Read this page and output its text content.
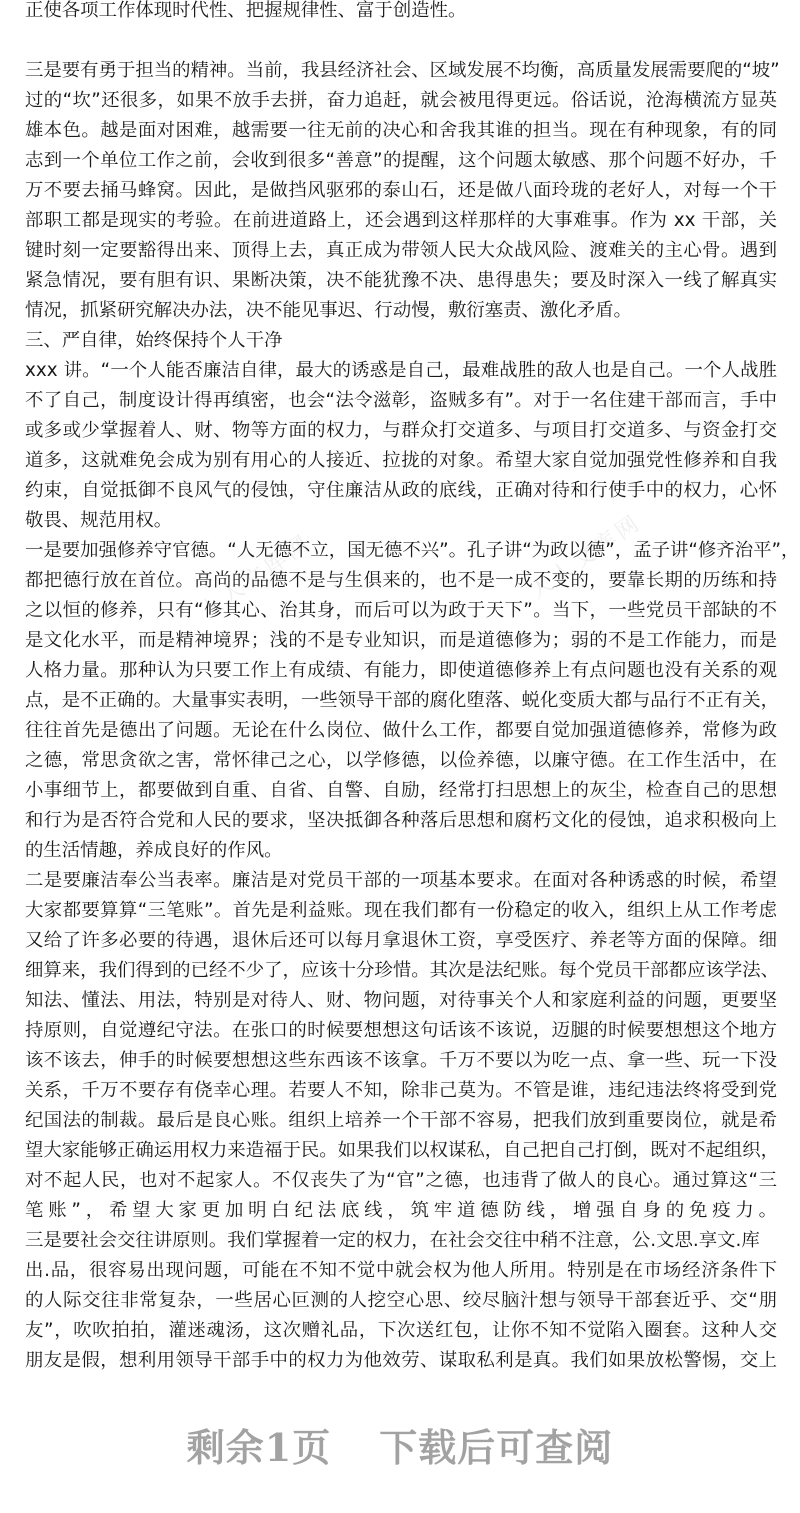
人人文库网	人人文库网
正使各项工作体现时代性、把握规律性、富于创造性。
三是要有勇于担当的精神。当前，我县经济社会、区域发展不均衡，高质量发展需要爬的“坡”
过的“坎”还很多，如果不放手去拼，奋力追赶，就会被甩得更远。俗话说，沧海横流方显英
雄本色。越是面对困难，越需要一往无前的决心和舍我其谁的担当。现在有种现象，有的同
志到一个单位工作之前，会收到很多“善意”的提醒，这个问题太敏感、那个问题不好办，千
万不要去捅马蜂窝。因此，是做挡风驱邪的泰山石，还是做八面玲珑的老好人，对每一个干
部职工都是现实的考验。在前进道路上，还会遇到这样那样的大事难事。作为 xx 干部，关
键时刻一定要豁得出来、顶得上去，真正成为带领人民大众战风险、渡难关的主心骨。遇到
紧急情况，要有胆有识、果断决策，决不能犹豫不决、患得患失；要及时深入一线了解真实
情况，抓紧研究解决办法，决不能见事迟、行动慢，敷衍塞责、激化矛盾。
三、严自律，始终保持个人干净
xxx 讲。“一个人能否廉洁自律，最大的诱惑是自己，最难战胜的敌人也是自己。一个人战胜
不了自己，制度设计得再缜密，也会“法令滋彰，盗贼多有”。对于一名住建干部而言，手中
或多或少掌握着人、财、物等方面的权力，与群众打交道多、与项目打交道多、与资金打交
道多，这就难免会成为别有用心的人接近、拉拢的对象。希望大家自觉加强党性修养和自我
约束，自觉抵御不良风气的侵蚀，守住廉洁从政的底线，正确对待和行使手中的权力，心怀
敬畏、规范用权。
一是要加强修养守官德。“人无德不立，国无德不兴”。孔子讲“为政以德”，孟子讲“修齐治平”，
都把德行放在首位。高尚的品德不是与生俱来的，也不是一成不变的，要靠长期的历练和持
之以恒的修养，只有“修其心、治其身，而后可以为政于天下”。当下，一些党员干部缺的不
是文化水平，而是精神境界；浅的不是专业知识，而是道德修为；弱的不是工作能力，而是
人格力量。那种认为只要工作上有成绩、有能力，即使道德修养上有点问题也没有关系的观
点，是不正确的。大量事实表明，一些领导干部的腐化堕落、蜕化变质大都与品行不正有关，
往往首先是德出了问题。无论在什么岗位、做什么工作，都要自觉加强道德修养，常修为政
之德，常思贪欲之害，常怀律己之心，以学修德，以俭养德，以廉守德。在工作生活中，在
小事细节上，都要做到自重、自省、自警、自励，经常打扫思想上的灰尘，检查自己的思想
和行为是否符合党和人民的要求，坚决抵御各种落后思想和腐朽文化的侵蚀，追求积极向上
的生活情趣，养成良好的作风。
二是要廉洁奉公当表率。廉洁是对党员干部的一项基本要求。在面对各种诱惑的时候，希望
大家都要算算“三笔账”。首先是利益账。现在我们都有一份稳定的收入，组织上从工作考虑
又给了许多必要的待遇，退休后还可以每月拿退休工资，享受医疗、养老等方面的保障。细
细算来，我们得到的已经不少了，应该十分珍惜。其次是法纪账。每个党员干部都应该学法、
知法、懂法、用法，特别是对待人、财、物问题，对待事关个人和家庭利益的问题，更要坚
持原则，自觉遵纪守法。在张口的时候要想想这句话该不该说，迈腿的时候要想想这个地方
该不该去，伸手的时候要想想这些东西该不该拿。千万不要以为吃一点、拿一些、玩一下没
关系，千万不要存有侥幸心理。若要人不知，除非己莫为。不管是谁，违纪违法终将受到党
纪国法的制裁。最后是良心账。组织上培养一个干部不容易，把我们放到重要岗位，就是希
望大家能够正确运用权力来造福于民。如果我们以权谋私，自己把自己打倒，既对不起组织，
对不起人民，也对不起家人。不仅丧失了为“官”之德，也违背了做人的良心。通过算这“三
笔账”，希望大家更加明白纪法底线，筑牢道德防线，增强自身的免疫力。
三是要社会交往讲原则。我们掌握着一定的权力，在社会交往中稍不注意，公.文思.享文.库
出.品，很容易出现问题，可能在不知不觉中就会权为他人所用。特别是在市场经济条件下
的人际交往非常复杂，一些居心叵测的人挖空心思、绞尽脑汁想与领导干部套近乎、交“朋
友”，吹吹拍拍，灌迷魂汤，这次赠礼品，下次送红包，让你不知不觉陷入圈套。这种人交
朋友是假，想利用领导干部手中的权力为他效劳、谋取私利是真。我们如果放松警惕，交上
剩余1页 下载后可查阅
